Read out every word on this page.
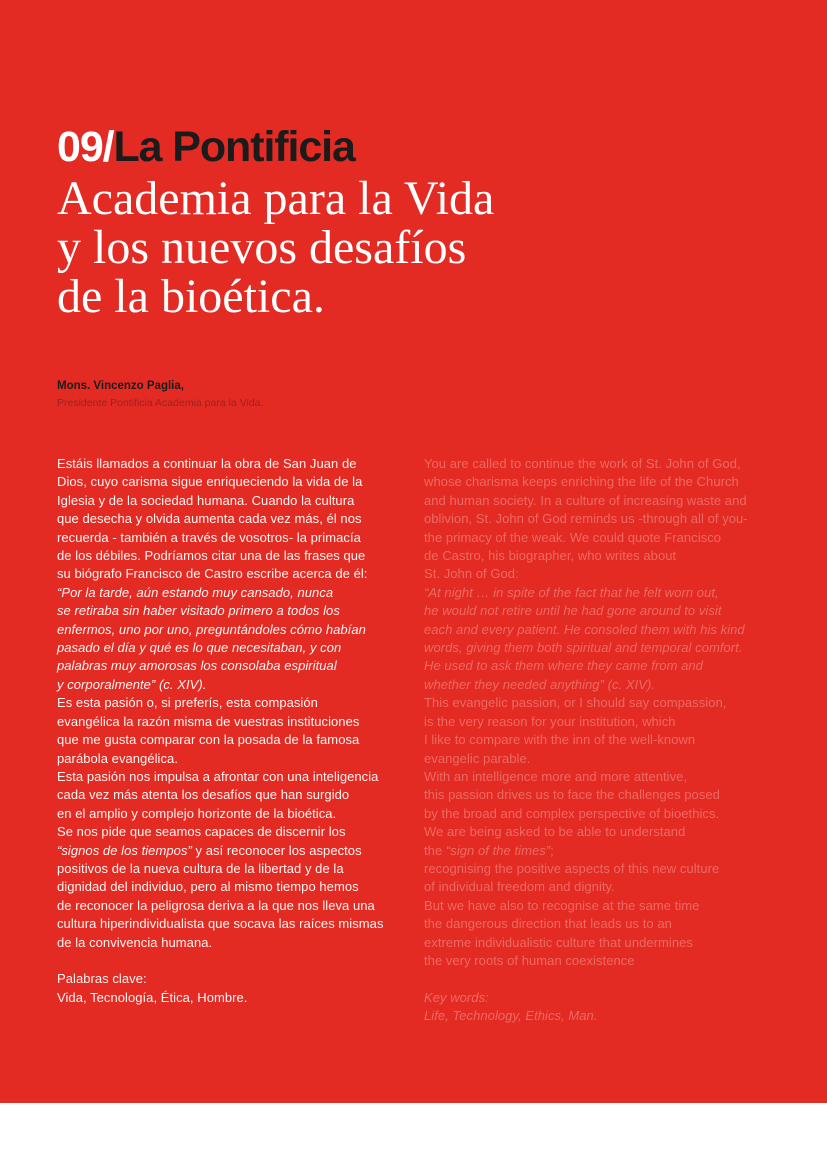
09/La Pontificia
Academia para la Vida
y los nuevos desafíos
de la bioética.

Mons. Vincenzo Paglia,

Presidente Pontificia Academia para la Vida.

Estáis llamados a continuar la obra de San Juan de
Dios, cuyo carisma sigue enriqueciendo la vida de la
Iglesia y de la sociedad humana. Cuando la cultura
que desecha y olvida aumenta cada vez más, él nos
recuerda - también a través de vosotros- la primacía
de los débiles. Podríamos citar una de las frases que
su biógrafo Francisco de Castro escribe acerca de él:

“Por la tarde, aún estando muy cansado, nunca
se retiraba sin haber visitado primero a todos los
enfermos, uno por uno, preguntándoles cómo habían
pasado el día y qué es lo que necesitaban, y con
palabras muy amorosas los consolaba espiritual
y corporalmente” (c. XIV).

Es esta pasión o, si preferís, esta compasión
evangélica la razón misma de vuestras instituciones
que me gusta comparar con la posada de la famosa
parábola evangélica.
Esta pasión nos impulsa a afrontar con una inteligencia
cada vez más atenta los desafíos que han surgido
en el amplio y complejo horizonte de la bioética.
Se nos pide que seamos capaces de discernir los

“signos de los tiempos” y así reconocer los aspectos
positivos de la nueva cultura de la libertad y de la
dignidad del individuo, pero al mismo tiempo hemos
de reconocer la peligrosa deriva a la que nos lleva una
cultura hiperindividualista que socava las raíces mismas
de la convivencia humana.

Palabras clave:
Vida, Tecnología, Ética, Hombre.

You are called to continue the work of St. John of God,
whose charisma keeps enriching the life of the Church
and human society. In a culture of increasing waste and
oblivion, St. John of God reminds us -through all of you-
the primacy of the weak. We could quote Francisco
de Castro, his biographer, who writes about
St. John of God:

“At night … in spite of the fact that he felt worn out,
he would not retire until he had gone around to visit
each and every patient. He consoled them with his kind
words, giving them both spiritual and temporal comfort.
He used to ask them where they came from and
whether they needed anything” (c. XIV).

This evangelic passion, or I should say compassion,
is the very reason for your institution, which
I like to compare with the inn of the well-known
evangelic parable.
With an intelligence more and more attentive,
this passion drives us to face the challenges posed
by the broad and complex perspective of bioethics.
We are being asked to be able to understand

the “sign of the times”;
recognising the positive aspects of this new culture
of individual freedom and dignity.
But we have also to recognise at the same time
the dangerous direction that leads us to an
extreme individualistic culture that undermines
the very roots of human coexistence

Key words:
Life, Technology, Ethics, Man.
